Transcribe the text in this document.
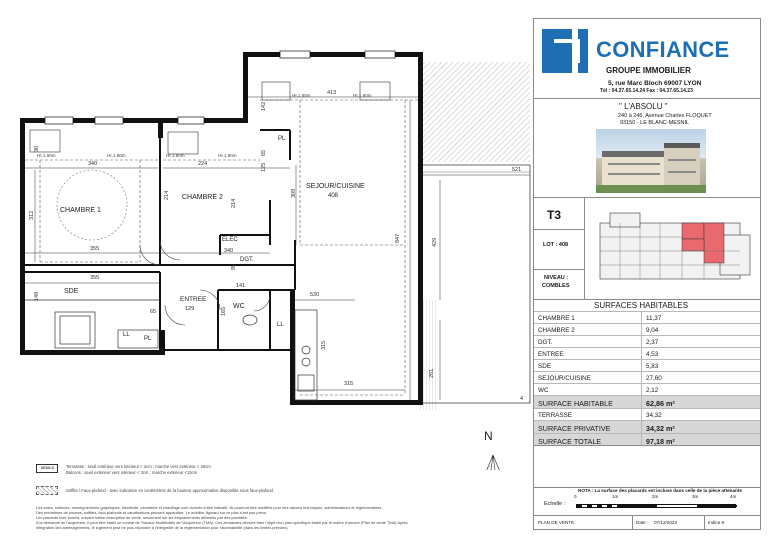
CHAMBRE 1
CHAMBRE 2
SEJOUR/CUISINE
408
ELEC
DGT.
SDE
ENTREE
129	WC
PL
PL
LL
LL
N
340	224
413
355
355
340
141
530
521
315
65
4
312
214
214
309
847	429
261
142
125
165
95
65
30
148
315
Ht.1.80m	Ht.1.80m	Ht.1.80m	Ht.1.80m
Ht.1.80m	Ht.1.80m
CONFIANCE
GROUPE IMMOBILIER
5, rue Marc Bloch 69007 LYON
Tél : 04.37.65.14.24 Fax : 04.37.65.14.23
" L'ABSOLU "
240 à 246, Avenue Charles FLOQUET
93150 - LE BLANC-MESNIL
T3
LOT : 408
NIVEAU :
COMBLES
SURFACES HABITABLES
CHAMBRE 1	11,37
CHAMBRE 2	9,04
DGT.	2,37
ENTREE	4,53
SDE	5,83
SEJOUR/CUISINE	27,60
WC	2,12
SURFACE HABITABLE	62,86 m²
TERRASSE	34,32
SURFACE PRIVATIVE	34,32 m²
SURFACE TOTALE	97,18 m²
NOTA : La surface des placards est incluse dans celle de la pièce attenante
Echelle :
0	1m	2m	3m	4m
PLAN DE VENTE	Date : 07/12/2023	Indice 9
SEUILS	Terrasses : seuil extérieur vers intérieur < 2cm ; marche vers extérieur < 25cm
Balcons : seuil extérieur vers intérieur < 2cm ; marche extérieur <15cm
Soffite / Faux-plafond - avec indication en centimètres de la hauteur approximative disponible sous faux-plafond
Les cotes, surfaces, renseignements graphiques, électricité, plomberie et chauffage sont donnés à titre indicatif. Ils pourront être modifiés pour des raisons techniques, administratives et réglementaires.
Des retombées de poutres, soffites, faux-plafonds et canalisations peuvent apparaître. Le mobilier figurant sur ce plan n'est pas prévu.
Les placards sont fournis, suivant notice descriptive de vente, seulement sur les emplacements délimités par des pointillés.
A la demande de l'acquéreur, il peut être établi un contrat de Travaux Modificatifs de l'Acquéreur (TMA). Ces demandes devront faire l'objet d'un plan spécifique établi par le maître d'oeuvre (Plan de vente TMA) Après
intégration des aménagements, le logement peut ne plus répondre à l'intégralité de la réglementation pour l'accessibilité (dans les limites prévues).
